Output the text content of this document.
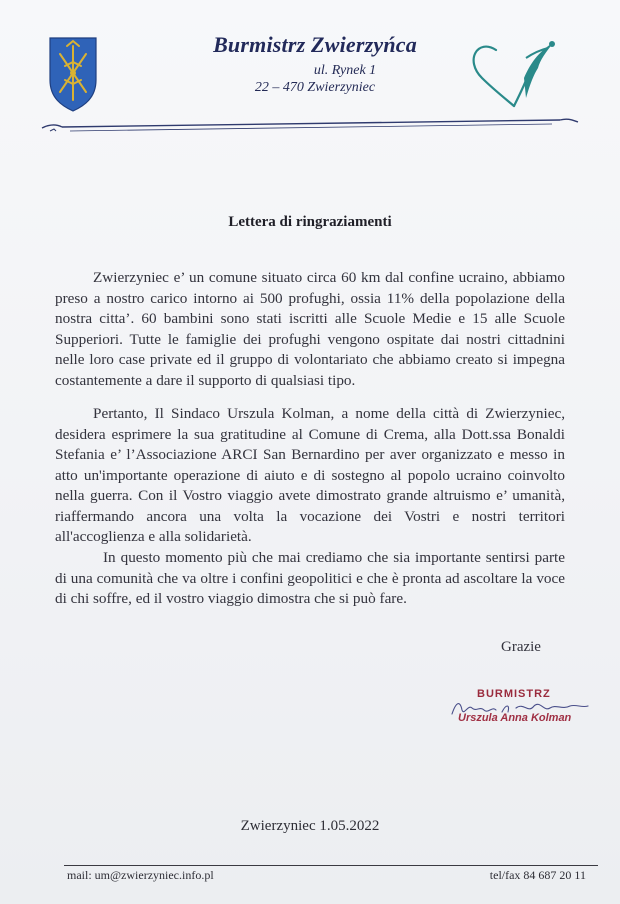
Burmistrz Zwierzyńca
ul. Rynek 1
22 – 470 Zwierzyniec
Lettera di ringraziamenti

Zwierzyniec e’ un comune situato circa 60 km dal confine ucraino, abbiamo preso a nostro carico intorno ai 500 profughi, ossia 11% della popolazione della nostra citta’. 60 bambini sono stati iscritti alle Scuole Medie e 15 alle Scuole Supperiori. Tutte le famiglie dei profughi vengono ospitate dai nostri cittadnini nelle loro case private ed il gruppo di volontariato che abbiamo creato si impegna costantemente a dare il supporto di qualsiasi tipo.

Pertanto, Il Sindaco Urszula Kolman, a nome della città di Zwierzyniec, desidera esprimere la sua gratitudine al Comune di Crema, alla Dott.ssa Bonaldi Stefania e’ l’Associazione ARCI San Bernardino per aver organizzato e messo in atto un'importante operazione di aiuto e di sostegno al popolo ucraino coinvolto nella guerra. Con il Vostro viaggio avete dimostrato grande altruismo e’ umanità, riaffermando ancora una volta la vocazione dei Vostri e nostri territori all'accoglienza e alla solidarietà.

In questo momento più che mai crediamo che sia importante sentirsi parte di una comunità che va oltre i confini geopolitici e che è pronta ad ascoltare la voce di chi soffre, ed il vostro viaggio dimostra che si può fare.

Grazie
BURMISTRZ
Urszula Anna Kolman
Zwierzyniec 1.05.2022
mail: um@zwierzyniec.info.pl	tel/fax 84 687 20 11
